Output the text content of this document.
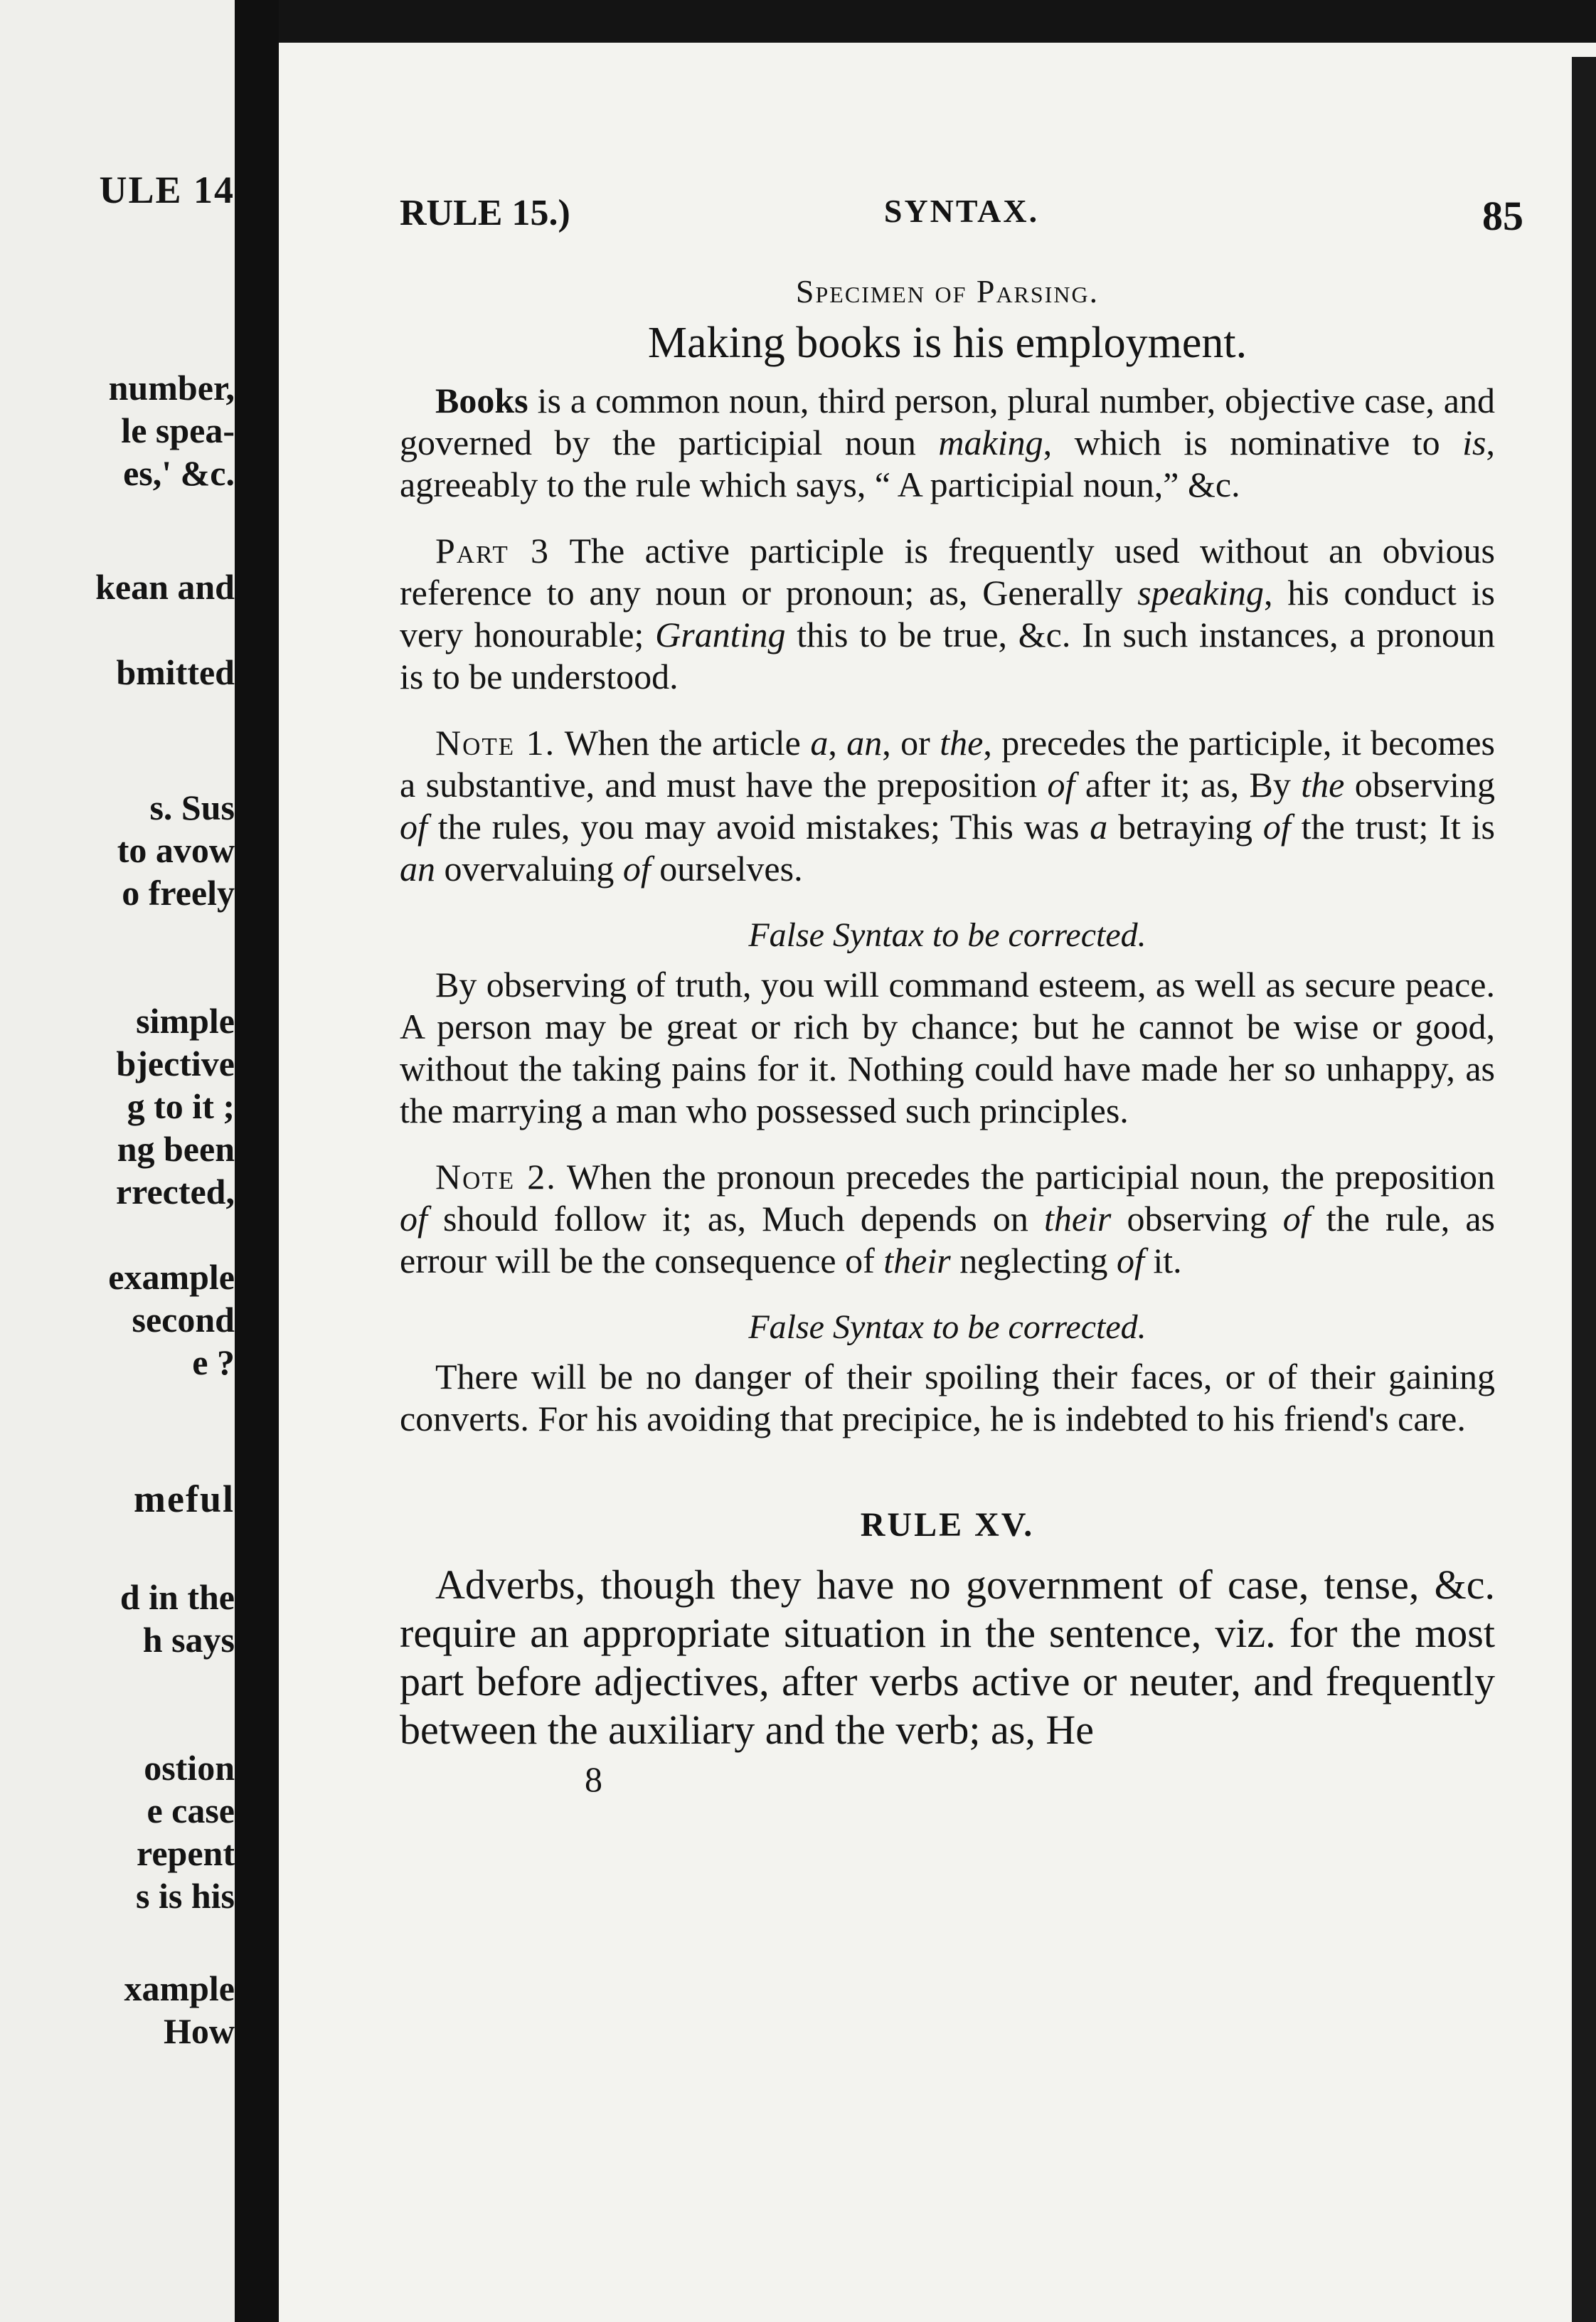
ULE 14
number,
le spea-
es,' &c.
kean and
bmitted
s. Sus
to avow
o freely
simple
bjective
g to it ;
ng been
rrected,
example
second
e ?
meful
d in the
h says
ostion
e case
repent
s is his
xample
How
RULE 15.)	SYNTAX.	85

Specimen of Parsing.

Making books is his employment.

Books is a common noun, third person, plural number, objective case, and governed by the participial noun making, which is nominative to is, agreeably to the rule which says, “ A participial noun,” &c.

Part 3 The active participle is frequently used without an obvious reference to any noun or pronoun; as, Generally speaking, his conduct is very honourable; Granting this to be true, &c. In such instances, a pronoun is to be understood.

Note 1. When the article a, an, or the, precedes the participle, it becomes a substantive, and must have the preposition of after it; as, By the observing of the rules, you may avoid mistakes; This was a betraying of the trust; It is an overvaluing of ourselves.

False Syntax to be corrected.

By observing of truth, you will command esteem, as well as secure peace. A person may be great or rich by chance; but he cannot be wise or good, without the taking pains for it. Nothing could have made her so unhappy, as the marrying a man who possessed such principles.

Note 2. When the pronoun precedes the participial noun, the preposition of should follow it; as, Much depends on their observing of the rule, as errour will be the consequence of their neglecting of it.

False Syntax to be corrected.

There will be no danger of their spoiling their faces, or of their gaining converts. For his avoiding that precipice, he is indebted to his friend's care.

RULE XV.

Adverbs, though they have no government of case, tense, &c. require an appropriate situation in the sentence, viz. for the most part before adjectives, after verbs active or neuter, and frequently between the auxiliary and the verb; as, He

8
